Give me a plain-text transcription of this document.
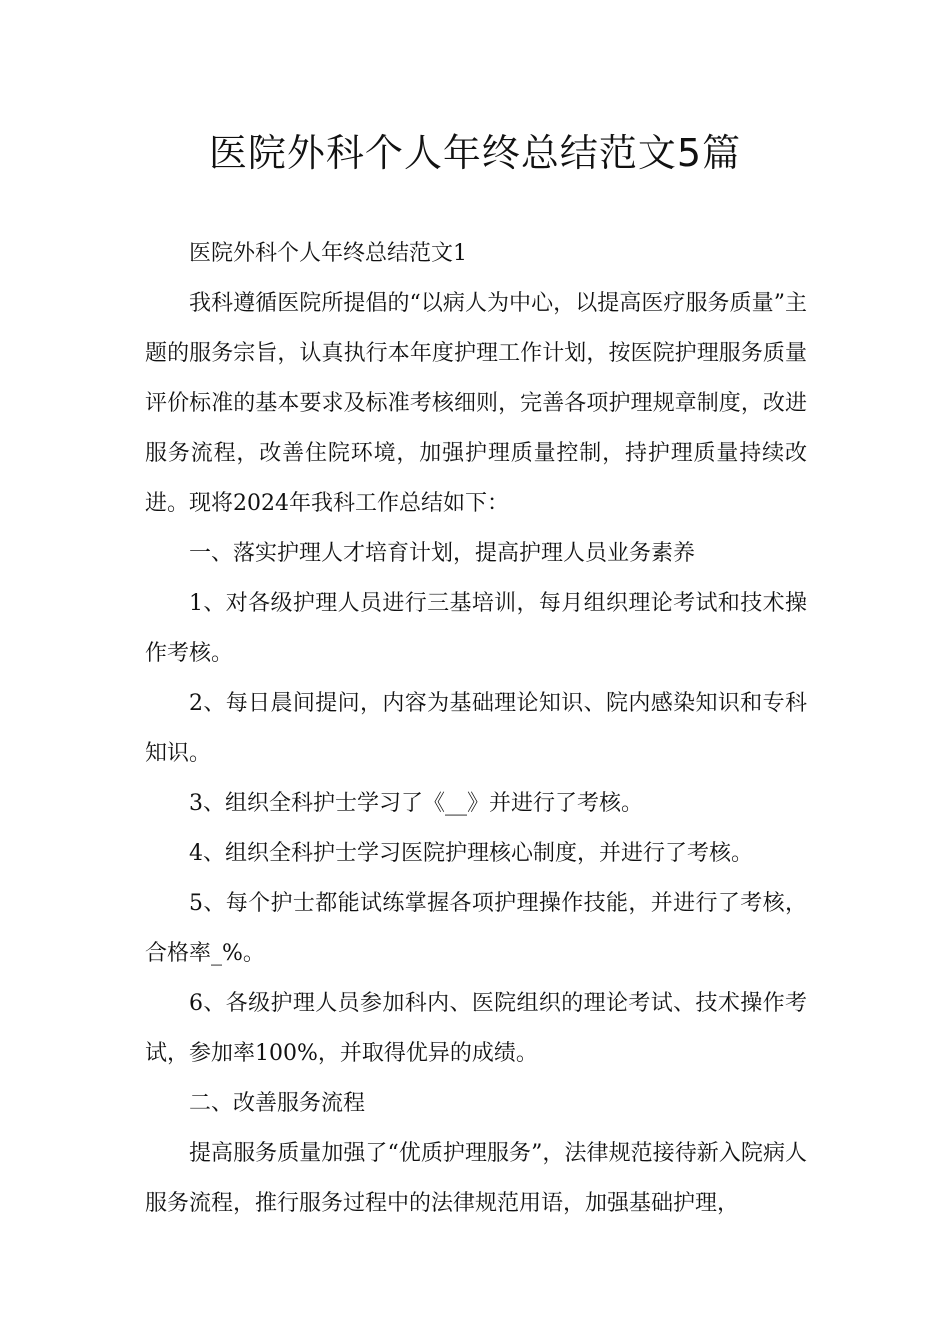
医院外科个人年终总结范文5篇

医院外科个人年终总结范文1

我科遵循医院所提倡的“以病人为中心，以提高医疗服务质量”主题的服务宗旨，认真执行本年度护理工作计划，按医院护理服务质量评价标准的基本要求及标准考核细则，完善各项护理规章制度，改进服务流程，改善住院环境，加强护理质量控制，持护理质量持续改进。现将2024年我科工作总结如下：

一、落实护理人才培育计划，提高护理人员业务素养

1、对各级护理人员进行三基培训，每月组织理论考试和技术操作考核。

2、每日晨间提问，内容为基础理论知识、院内感染知识和专科知识。

3、组织全科护士学习了《__》并进行了考核。

4、组织全科护士学习医院护理核心制度，并进行了考核。

5、每个护士都能试练掌握各项护理操作技能，并进行了考核，合格率_%。

6、各级护理人员参加科内、医院组织的理论考试、技术操作考试，参加率100%，并取得优异的成绩。

二、改善服务流程

提高服务质量加强了“优质护理服务”，法律规范接待新入院病人服务流程，推行服务过程中的法律规范用语，加强基础护理，
